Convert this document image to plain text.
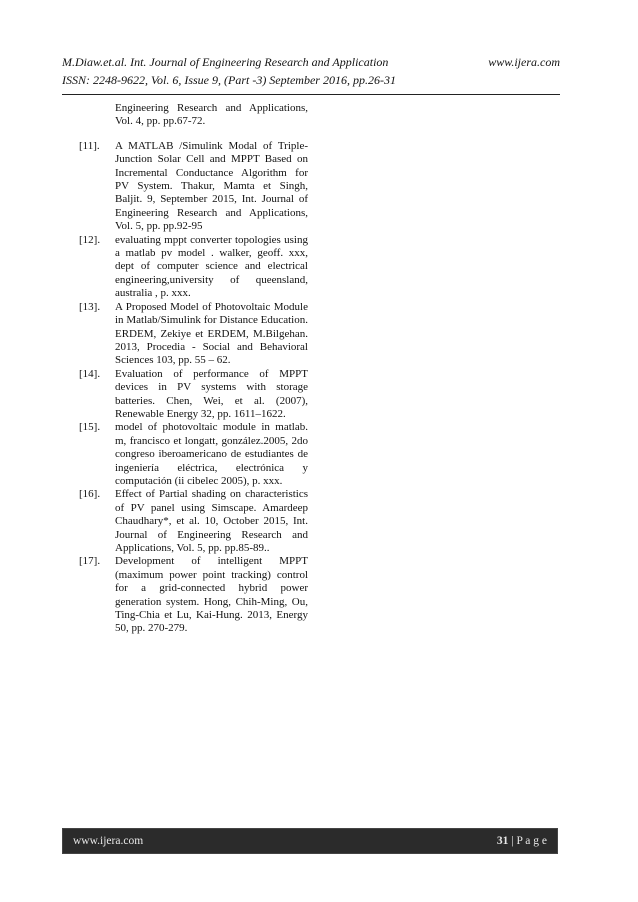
M.Diaw.et.al. Int. Journal of Engineering Research and Application	www.ijera.com
ISSN: 2248-9622, Vol. 6, Issue 9, (Part -3) September 2016, pp.26-31
Engineering Research and Applications, Vol. 4, pp. pp.67-72.
[11].	A MATLAB /Simulink Modal of Triple-Junction Solar Cell and MPPT Based on Incremental Conductance Algorithm for PV System. Thakur, Mamta et Singh, Baljit. 9, September 2015, Int. Journal of Engineering Research and Applications, Vol. 5, pp. pp.92-95
[12].	evaluating mppt converter topologies using a matlab pv model . walker, geoff. xxx, dept of computer science and electrical engineering,university of queensland, australia , p. xxx.
[13].	A Proposed Model of Photovoltaic Module in Matlab/Simulink for Distance Education. ERDEM, Zekiye et ERDEM, M.Bilgehan. 2013, Procedia - Social and Behavioral Sciences 103, pp. 55 – 62.
[14].	Evaluation of performance of MPPT devices in PV systems with storage batteries. Chen, Wei, et al. (2007), Renewable Energy 32, pp. 1611–1622.
[15].	model of photovoltaic module in matlab. m, francisco et longatt, gonzález.2005, 2do congreso iberoamericano de estudiantes de ingeniería eléctrica, electrónica y computación (ii cibelec 2005), p. xxx.
[16].	Effect of Partial shading on characteristics of PV panel using Simscape. Amardeep Chaudhary*, et al. 10, October 2015, Int. Journal of Engineering Research and Applications, Vol. 5, pp. pp.85-89..
[17].	Development of intelligent MPPT (maximum power point tracking) control for a grid-connected hybrid power generation system. Hong, Chih-Ming, Ou, Ting-Chia et Lu, Kai-Hung. 2013, Energy 50, pp. 270-279.
www.ijera.com	31 | P a g e
